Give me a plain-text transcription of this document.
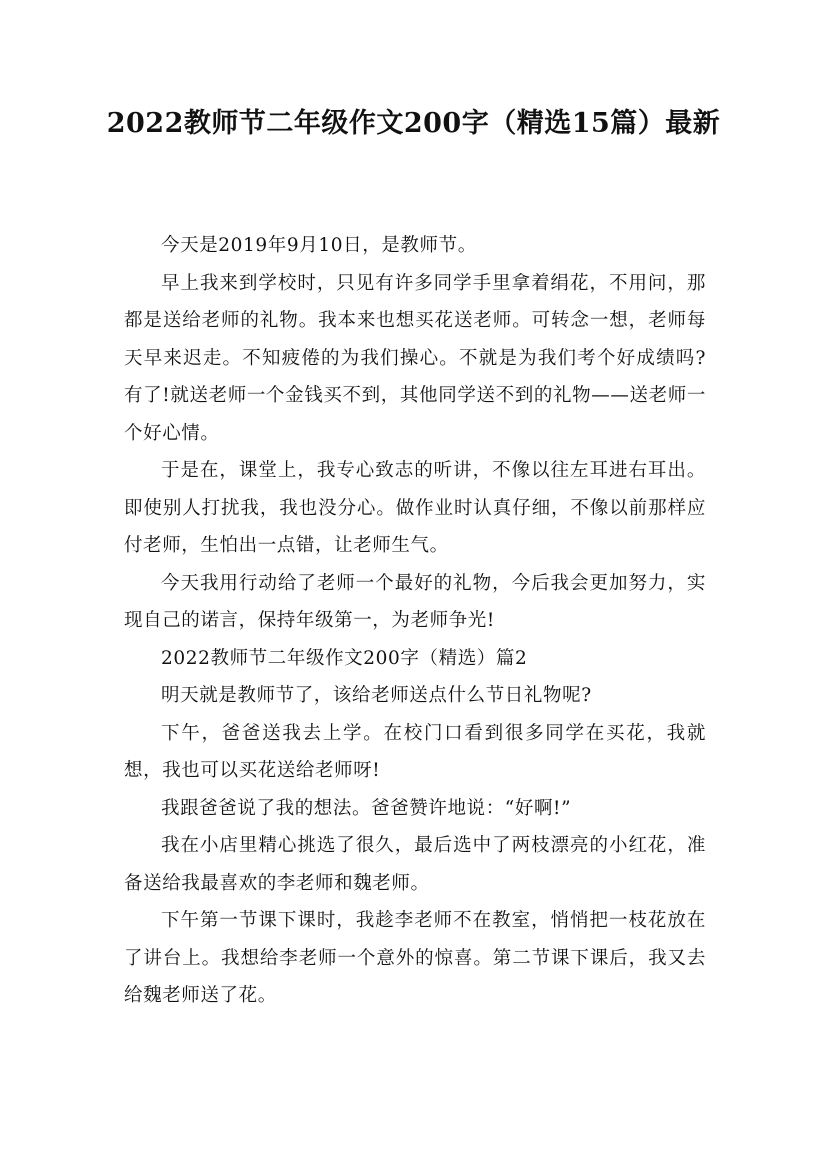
2022教师节二年级作文200字（精选15篇）最新

今天是2019年9月10日，是教师节。

早上我来到学校时，只见有许多同学手里拿着绢花，不用问，那都是送给老师的礼物。我本来也想买花送老师。可转念一想，老师每天早来迟走。不知疲倦的为我们操心。不就是为我们考个好成绩吗?有了!就送老师一个金钱买不到，其他同学送不到的礼物——送老师一个好心情。

于是在，课堂上，我专心致志的听讲，不像以往左耳进右耳出。即使别人打扰我，我也没分心。做作业时认真仔细，不像以前那样应付老师，生怕出一点错，让老师生气。

今天我用行动给了老师一个最好的礼物，今后我会更加努力，实现自己的诺言，保持年级第一，为老师争光!

2022教师节二年级作文200字（精选）篇2

明天就是教师节了，该给老师送点什么节日礼物呢?

下午，爸爸送我去上学。在校门口看到很多同学在买花，我就想，我也可以买花送给老师呀!

我跟爸爸说了我的想法。爸爸赞许地说：“好啊!”

我在小店里精心挑选了很久，最后选中了两枝漂亮的小红花，准备送给我最喜欢的李老师和魏老师。

下午第一节课下课时，我趁李老师不在教室，悄悄把一枝花放在了讲台上。我想给李老师一个意外的惊喜。第二节课下课后，我又去给魏老师送了花。
